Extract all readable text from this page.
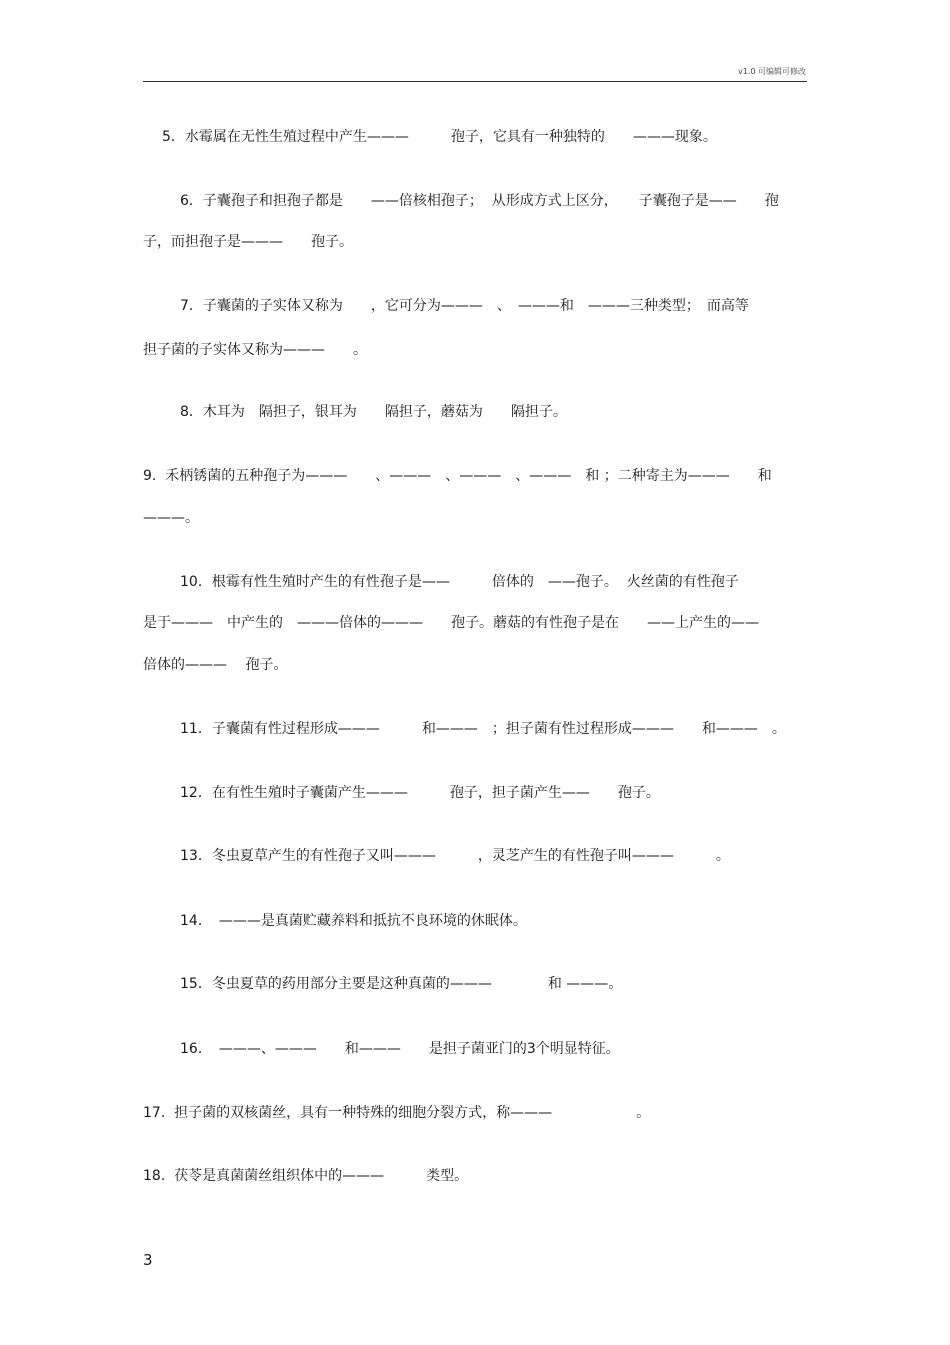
v1.0 可编辑可修改
5．水霉属在无性生殖过程中产生———　　　孢子，它具有一种独特的　　———现象。
6．子囊孢子和担孢子都是　　——倍核相孢子；  从形成方式上区分，　　子囊孢子是——　　孢
子，而担孢子是———　　孢子。
7．子囊菌的子实体又称为　　，它可分为———　、　———和　———三种类型；　而高等
担子菌的子实体又称为———　　。
8．木耳为　隔担子，银耳为　　隔担子，蘑菇为　　隔担子。
9.  禾柄锈菌的五种孢子为———　　、———　、———　、———　和 ；二种寄主为———　　和
———。
10．根霉有性生殖时产生的有性孢子是——　　　倍体的　——孢子。  火丝菌的有性孢子
是于———　中产生的　———倍体的———　　孢子。蘑菇的有性孢子是在　　——上产生的——
倍体的———　 孢子。
11．子囊菌有性过程形成———　　　和———　；担子菌有性过程形成———　　和———　。
12．在有性生殖时子囊菌产生———　　　孢子，担子菌产生——　　孢子。
13．冬虫夏草产生的有性孢子又叫———　　　，灵芝产生的有性孢子叫———　　　。
14．　———是真菌贮藏养料和抵抗不良环境的休眠体。
15．冬虫夏草的药用部分主要是这种真菌的———　　　　和 ———。
16．　———、———　　和———　　是担子菌亚门的3个明显特征。
17.  担子菌的双核菌丝，具有一种特殊的细胞分裂方式，称———　　　　　　。
18.  茯苓是真菌菌丝组织体中的———　　　类型。
3
